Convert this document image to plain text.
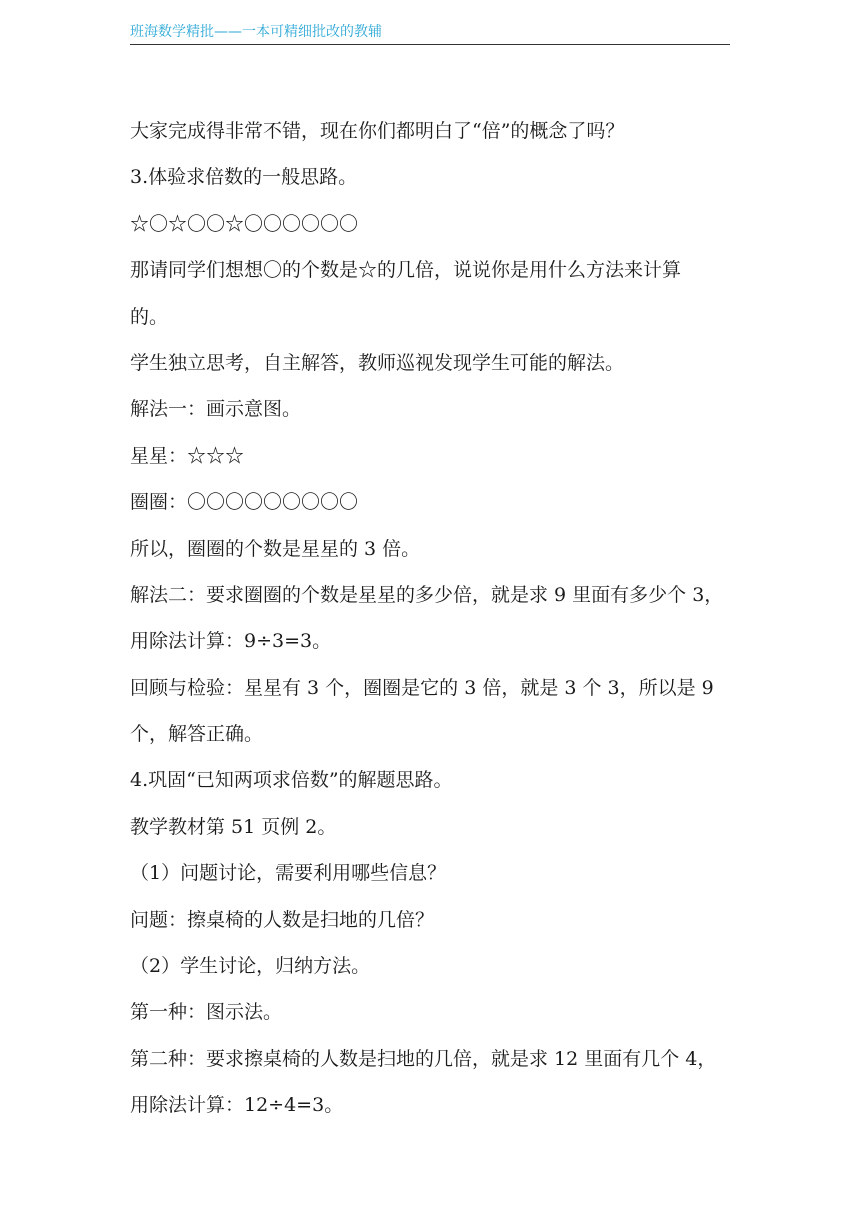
班海数学精批——一本可精细批改的教辅
大家完成得非常不错，现在你们都明白了“倍”的概念了吗？
3.体验求倍数的一般思路。
☆〇☆〇〇☆〇〇〇〇〇〇
那请同学们想想〇的个数是☆的几倍，说说你是用什么方法来计算
的。
学生独立思考，自主解答，教师巡视发现学生可能的解法。
解法一：画示意图。
星星：☆☆☆
圈圈：〇〇〇〇〇〇〇〇〇
所以，圈圈的个数是星星的 3 倍。
解法二：要求圈圈的个数是星星的多少倍，就是求 9 里面有多少个 3，
用除法计算：9÷3=3。
回顾与检验：星星有 3 个，圈圈是它的 3 倍，就是 3 个 3，所以是 9
个，解答正确。
4.巩固“已知两项求倍数”的解题思路。
教学教材第 51 页例 2。
（1）问题讨论，需要利用哪些信息？
问题：擦桌椅的人数是扫地的几倍？
（2）学生讨论，归纳方法。
第一种：图示法。
第二种：要求擦桌椅的人数是扫地的几倍，就是求 12 里面有几个 4，
用除法计算：12÷4=3。
